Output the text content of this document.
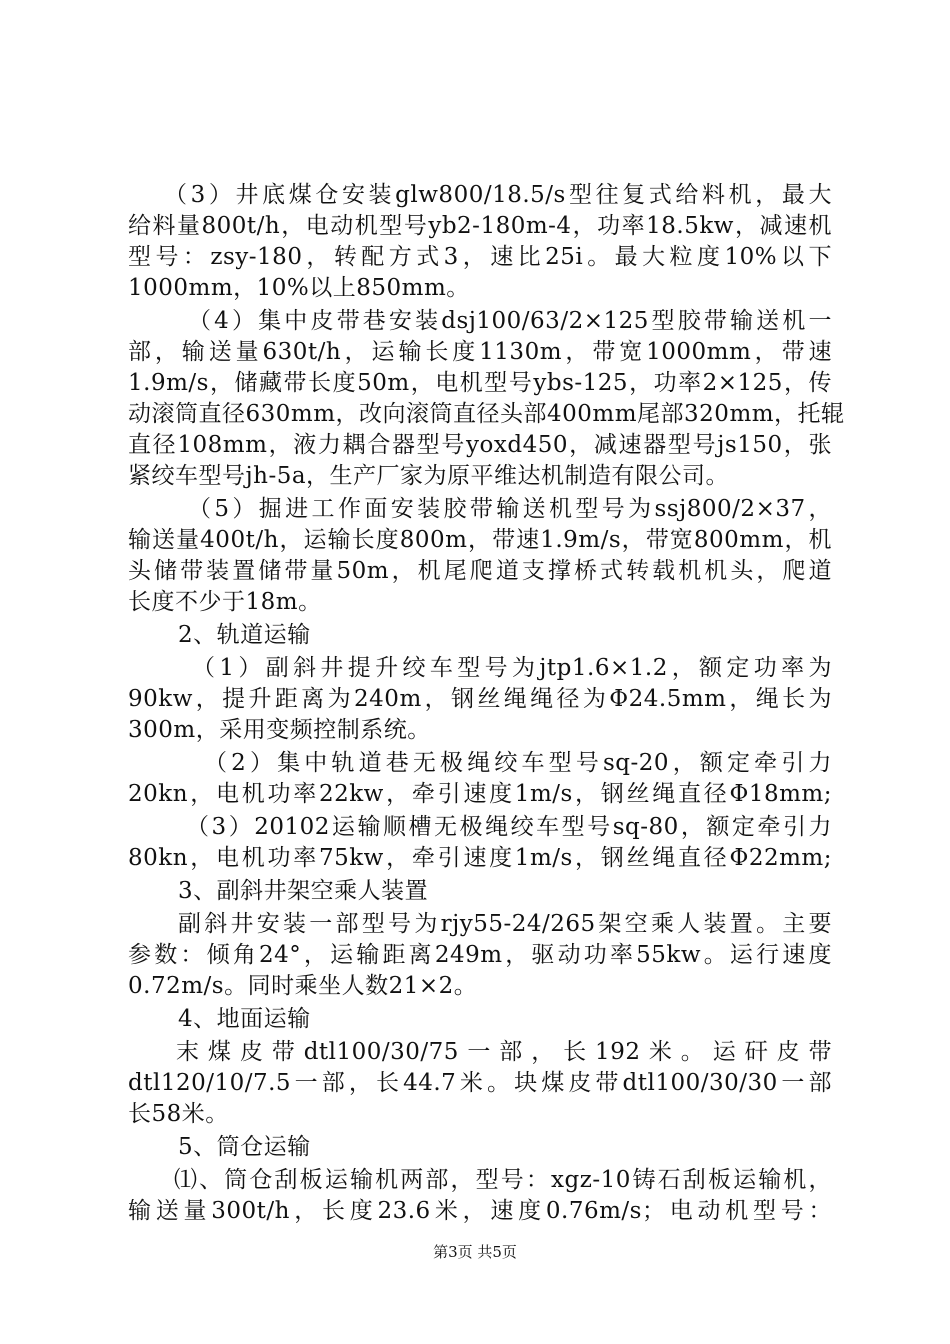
（3）井底煤仓安装glw800/18.5/s型往复式给料机，最大
给料量800t/h，电动机型号yb2-180m-4，功率18.5kw，减速机
型号：zsy-180，转配方式3，速比25i。最大粒度10%以下
1000mm，10%以上850mm。
（4）集中皮带巷安装dsj100/63/2×125型胶带输送机一
部，输送量630t/h，运输长度1130m，带宽1000mm，带速
1.9m/s，储藏带长度50m，电机型号ybs-125，功率2×125，传
动滚筒直径630mm，改向滚筒直径头部400mm尾部320mm，托辊
直径108mm，液力耦合器型号yoxd450，减速器型号js150，张
紧绞车型号jh-5a，生产厂家为原平维达机制造有限公司。
（5）掘进工作面安装胶带输送机型号为ssj800/2×37，
输送量400t/h，运输长度800m，带速1.9m/s，带宽800mm，机
头储带装置储带量50m，机尾爬道支撑桥式转载机机头，爬道
长度不少于18m。
2、轨道运输
（1）副斜井提升绞车型号为jtp1.6×1.2，额定功率为
90kw，提升距离为240m，钢丝绳绳径为Φ24.5mm，绳长为
300m，采用变频控制系统。
（2）集中轨道巷无极绳绞车型号sq-20，额定牵引力
20kn，电机功率22kw，牵引速度1m/s，钢丝绳直径Φ18mm;
（3）20102运输顺槽无极绳绞车型号sq-80，额定牵引力
80kn，电机功率75kw，牵引速度1m/s，钢丝绳直径Φ22mm;
3、副斜井架空乘人装置
副斜井安装一部型号为rjy55-24/265架空乘人装置。主要
参数：倾角24°，运输距离249m，驱动功率55kw。运行速度
0.72m/s。同时乘坐人数21×2。
4、地面运输
末煤皮带dtl100/30/75一部，长192米。运矸皮带
dtl120/10/7.5一部，长44.7米。块煤皮带dtl100/30/30一部
长58米。
5、筒仓运输
⑴、筒仓刮板运输机两部，型号：xgz-10铸石刮板运输机，
输送量300t/h，长度23.6米，速度0.76m/s；电动机型号：
第3页 共5页
